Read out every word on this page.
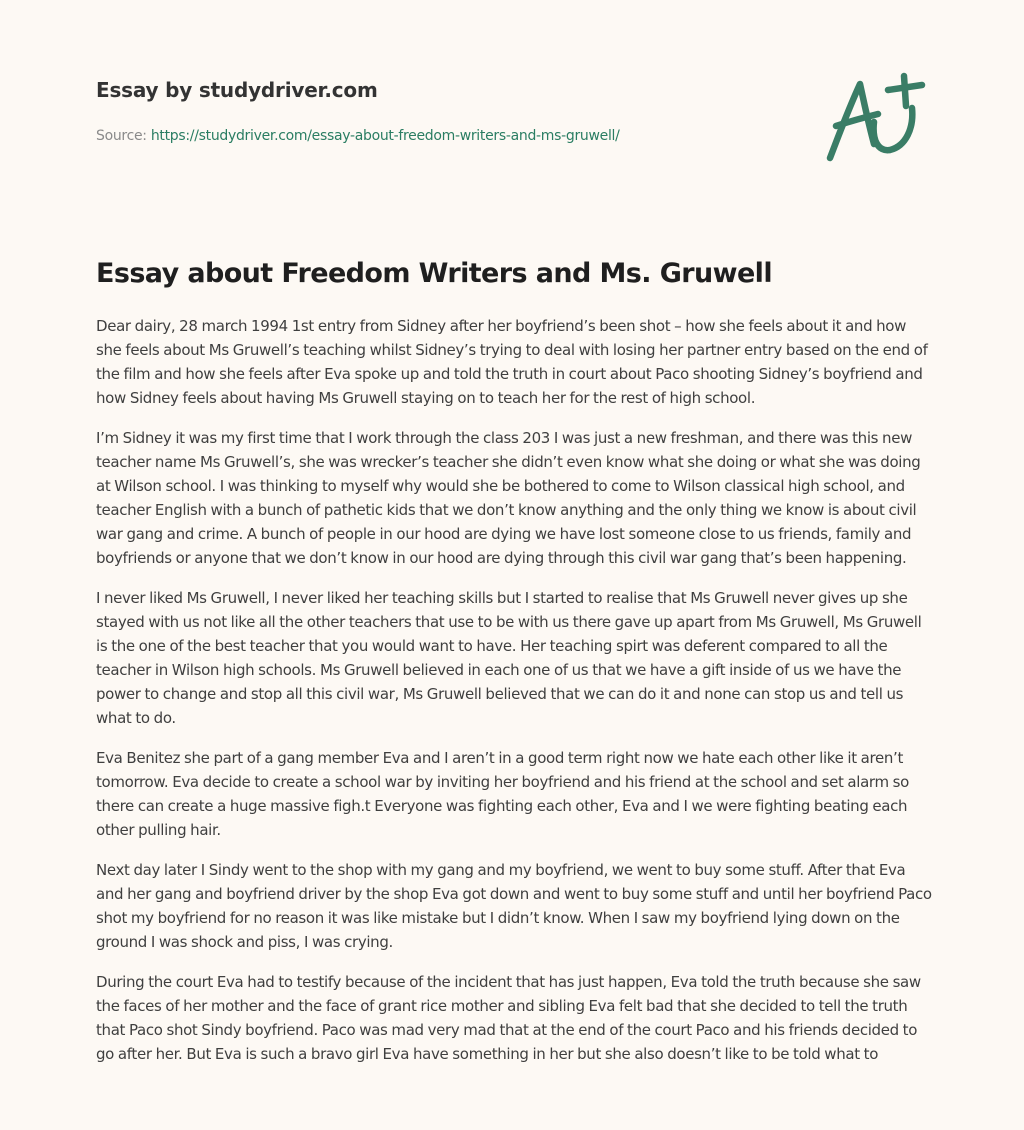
Essay by studydriver.com
Source: https://studydriver.com/essay-about-freedom-writers-and-ms-gruwell/
Essay about Freedom Writers and Ms. Gruwell

Dear dairy, 28 march 1994 1st entry from Sidney after her boyfriend’s been shot – how she feels about it and how she feels about Ms Gruwell’s teaching whilst Sidney’s trying to deal with losing her partner entry based on the end of the film and how she feels after Eva spoke up and told the truth in court about Paco shooting Sidney’s boyfriend and how Sidney feels about having Ms Gruwell staying on to teach her for the rest of high school.

I’m Sidney it was my first time that I work through the class 203 I was just a new freshman, and there was this new teacher name Ms Gruwell’s, she was wrecker’s teacher she didn’t even know what she doing or what she was doing at Wilson school. I was thinking to myself why would she be bothered to come to Wilson classical high school, and teacher English with a bunch of pathetic kids that we don’t know anything and the only thing we know is about civil war gang and crime. A bunch of people in our hood are dying we have lost someone close to us friends, family and boyfriends or anyone that we don’t know in our hood are dying through this civil war gang that’s been happening.

I never liked Ms Gruwell, I never liked her teaching skills but I started to realise that Ms Gruwell never gives up she stayed with us not like all the other teachers that use to be with us there gave up apart from Ms Gruwell, Ms Gruwell is the one of the best teacher that you would want to have. Her teaching spirt was deferent compared to all the teacher in Wilson high schools. Ms Gruwell believed in each one of us that we have a gift inside of us we have the power to change and stop all this civil war, Ms Gruwell believed that we can do it and none can stop us and tell us what to do.

Eva Benitez she part of a gang member Eva and I aren’t in a good term right now we hate each other like it aren’t tomorrow. Eva decide to create a school war by inviting her boyfriend and his friend at the school and set alarm so there can create a huge massive figh.t Everyone was fighting each other, Eva and I we were fighting beating each other pulling hair.

Next day later I Sindy went to the shop with my gang and my boyfriend, we went to buy some stuff. After that Eva and her gang and boyfriend driver by the shop Eva got down and went to buy some stuff and until her boyfriend Paco shot my boyfriend for no reason it was like mistake but I didn’t know. When I saw my boyfriend lying down on the ground I was shock and piss, I was crying.

During the court Eva had to testify because of the incident that has just happen, Eva told the truth because she saw the faces of her mother and the face of grant rice mother and sibling Eva felt bad that she decided to tell the truth that Paco shot Sindy boyfriend. Paco was mad very mad that at the end of the court Paco and his friends decided to go after her. But Eva is such a bravo girl Eva have something in her but she also doesn’t like to be told what to
